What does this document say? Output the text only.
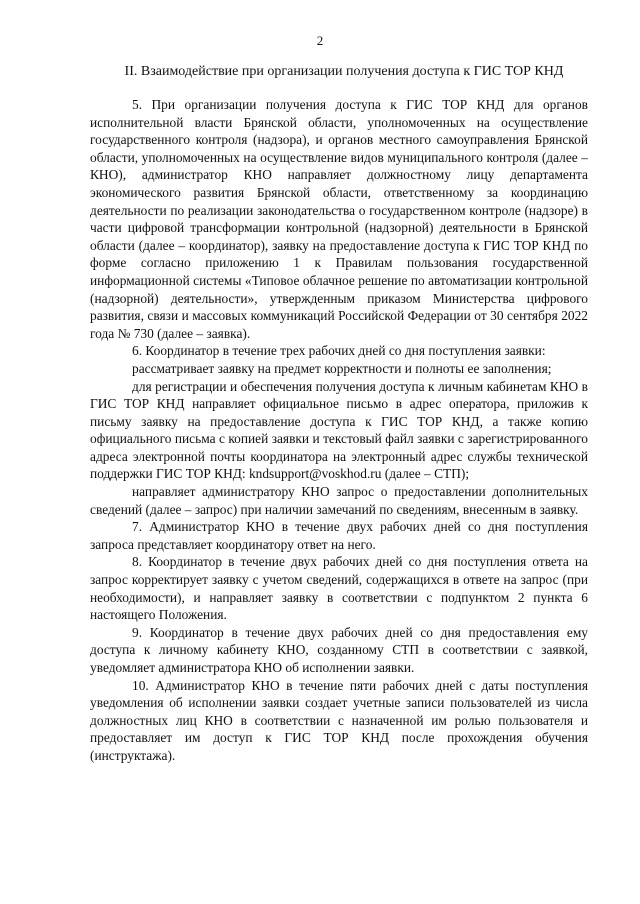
2
II. Взаимодействие при организации получения доступа к ГИС ТОР КНД

5. При организации получения доступа к ГИС ТОР КНД для органов исполнительной власти Брянской области, уполномоченных на осуществление государственного контроля (надзора), и органов местного самоуправления Брянской области, уполномоченных на осуществление видов муниципального контроля (далее – КНО), администратор КНО направляет должностному лицу департамента экономического развития Брянской области, ответственному за координацию деятельности по реализации законодательства о государственном контроле (надзоре) в части цифровой трансформации контрольной (надзорной) деятельности в Брянской области (далее – координатор), заявку на предоставление доступа к ГИС ТОР КНД по форме согласно приложению 1 к Правилам пользования государственной информационной системы «Типовое облачное решение по автоматизации контрольной (надзорной) деятельности», утвержденным приказом Министерства цифрового развития, связи и массовых коммуникаций Российской Федерации от 30 сентября 2022 года № 730 (далее – заявка).

6. Координатор в течение трех рабочих дней со дня поступления заявки:

рассматривает заявку на предмет корректности и полноты ее заполнения;

для регистрации и обеспечения получения доступа к личным кабинетам КНО в ГИС ТОР КНД направляет официальное письмо в адрес оператора, приложив к письму заявку на предоставление доступа к ГИС ТОР КНД, а также копию официального письма с копией заявки и текстовый файл заявки с зарегистрированного адреса электронной почты координатора на электронный адрес службы технической поддержки ГИС ТОР КНД: kndsupport@voskhod.ru (далее – СТП);

направляет администратору КНО запрос о предоставлении дополнительных сведений (далее – запрос) при наличии замечаний по сведениям, внесенным в заявку.

7. Администратор КНО в течение двух рабочих дней со дня поступления запроса представляет координатору ответ на него.

8. Координатор в течение двух рабочих дней со дня поступления ответа на запрос корректирует заявку с учетом сведений, содержащихся в ответе на запрос (при необходимости), и направляет заявку в соответствии с подпунктом 2 пункта 6 настоящего Положения.

9. Координатор в течение двух рабочих дней со дня предоставления ему доступа к личному кабинету КНО, созданному СТП в соответствии с заявкой, уведомляет администратора КНО об исполнении заявки.

10. Администратор КНО в течение пяти рабочих дней с даты поступления уведомления об исполнении заявки создает учетные записи пользователей из числа должностных лиц КНО в соответствии с назначенной им ролью пользователя и предоставляет им доступ к ГИС ТОР КНД после прохождения обучения (инструктажа).
